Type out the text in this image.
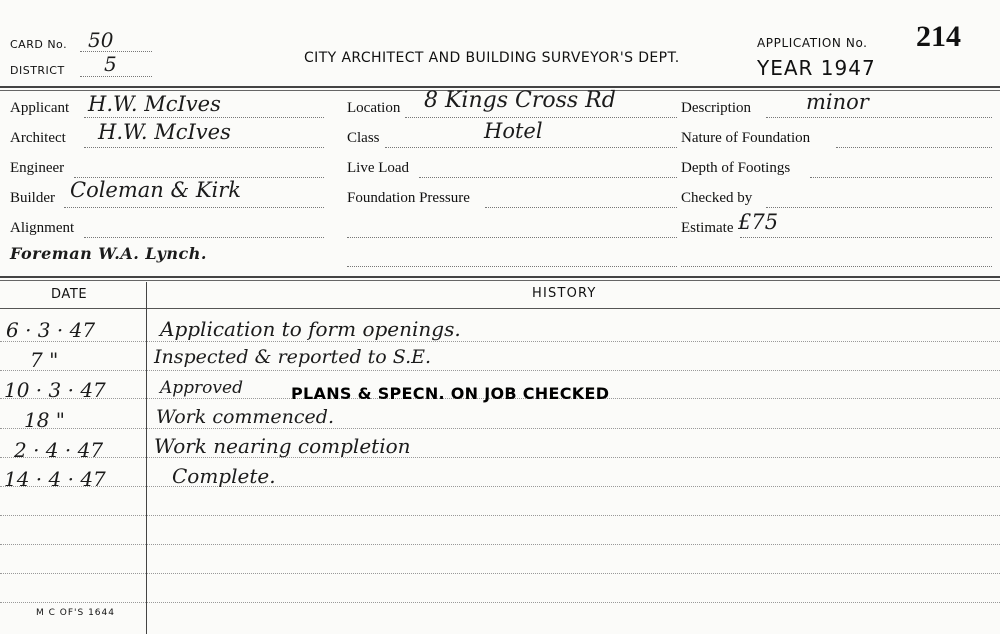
CARD No. 50
DISTRICT 5	CITY ARCHITECT AND BUILDING SURVEYOR'S DEPT.
APPLICATION No. 214
YEAR 1947
Applicant H.W. McIves
Architect H.W. McIves
Engineer
Builder Coleman & Kirk
Alignment
Foreman W.A. Lynch.
Location 8 Kings Cross Rd
Class	Hotel
Live Load
Foundation Pressure
Description	minor
Nature of Foundation
Depth of Footings
Checked by
Estimate £75
DATE	HISTORY
6 · 3 · 47	Application to form openings.
7 "	Inspected & reported to S.E.
10 · 3 · 47	Approved	PLANS & SPECN. ON JOB CHECKED
18 "	Work commenced.
2 · 4 · 47	Work nearing completion
14 · 4 · 47	Complete.
M C OF'S 1644
